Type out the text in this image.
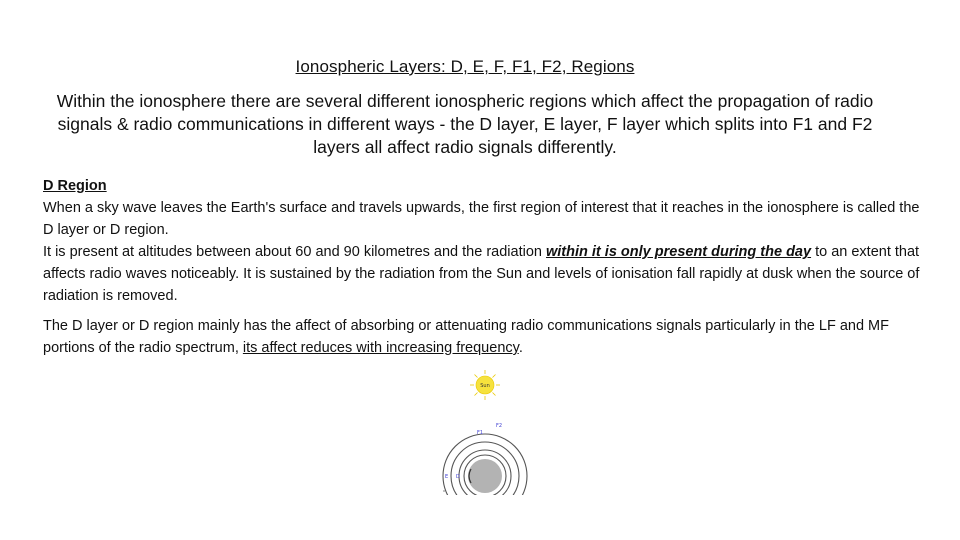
Ionospheric Layers: D, E, F, F1, F2, Regions
Within the ionosphere there are several different ionospheric regions which affect the propagation of radio signals & radio communications in different ways - the D layer, E layer, F layer which splits into F1 and F2 layers all affect radio signals differently.

D Region

When a sky wave leaves the Earth's surface and travels upwards, the first region of interest that it reaches in the ionosphere is called the D layer or D region.

It is present at altitudes between about 60 and 90 kilometres and the radiation within it is only present during the day to an extent that affects radio waves noticeably. It is sustained by the radiation from the Sun and levels of ionisation fall rapidly at dusk when the source of radiation is removed.

The D layer or D region mainly has the affect of absorbing or attenuating radio communications signals particularly in the LF and MF portions of the radio spectrum, its affect reduces with increasing frequency.

Sun
F2
F1
E D
